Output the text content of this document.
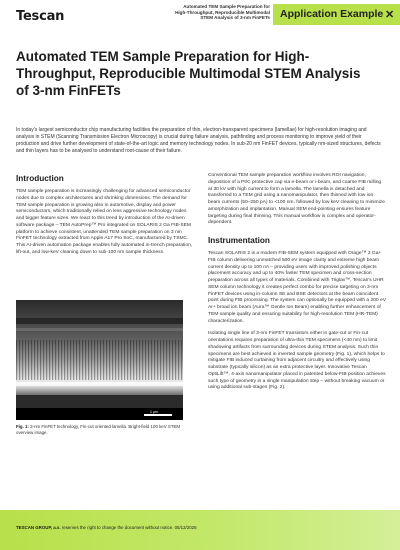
Tescan
Automated TEM Sample Preparation for
High-Throughput, Reproducible Multimodal
STEM Analysis of 3-nm FinFETs Application Example ✕
Automated TEM Sample Preparation for High-Throughput, Reproducible Multimodal STEM Analysis of 3-nm FinFETs

In today's largest semiconductor chip manufacturing facilities the preparation of thin, electron-transparent specimens (lamellae) for high-resolution imaging and analysis in STEM (Scanning Transmission Electron Microscopy) is crucial during failure analysis, pathfinding and process monitoring to improve yield of their production and drive further development of state-of-the-art logic and memory technology nodes. In sub-20 nm FinFET devices, typically nm-sized structures, defects and thin layers has to be analysed to understand root-cause of their failure.

Introduction

TEM sample preparation is increasingly challenging for advanced semiconductor nodes due to complex architectures and shrinking dimensions. The demand for TEM sample preparation is growing also in automotive, display and power semiconductors, which traditionally relied on less aggressive technology nodes and bigger feature sizes. We react to this trend by introduction of the AI-driven software package – TEM AutoPrep™ Pro integrated on SOLARIS 2 Ga FIB-SEM platform to achieve consistent, unattended TEM sample preparation on 3 nm FinFET technology extracted from Apple A17 Pro SoC, manufactured by TSMC. This AI-driven automation package enables fully automated in-trench preparation, lift-out, and low-keV cleaning down to sub-100 nm sample thickness.

1 µm

Fig. 1: 3-nm FinFET technology, Fin-cut oriented lamella. Bright-field 100 keV STEM overview image.

Conventional TEM sample preparation workflow involves ROI navigation, deposition of a Pt/C protective cap via e-beam or i-beam, and coarse FIB milling at 30 kV with high current to form a lamella. The lamella is detached and transferred to a TEM grid using a nanomanipulator, then thinned with low ion beam currents (50–250 pA) to <100 nm, followed by low keV cleaning to minimize amorphization and implantation. Manual SEM end-pointing ensures feature targeting during final thinning. This manual workflow is complex and operator-dependent.

Instrumentation

Tescan SOLARIS 2 is a modern FIB-SEM system equipped with Orage™ 2 Ga+ FIB column delivering unmatched 500 eV image clarity and extreme high beam current density up to 100 nA – providing users with improved polishing objects placement accuracy and up to 40% faster TEM specimen and cross-section preparation across all types of materials. Combined with Triglav™, Tescan's UHR SEM column technology it creates perfect combo for precise targeting on 3-nm FinFET devices using in-column SE and BSE detectors at the beam coincident point during FIB processing. The system can optionally be equipped with a 200 eV Ar+ broad ion beam (Aura™ Gentle Ion Beam) enabling further enhancement of TEM sample quality and ensuring suitability for high-resolution TEM (HR-TEM) characterization.

Isolating single line of 3-nm FinFET transistors either in gate-cut or Fin-cut orientations requires preparation of ultra-thin TEM specimens (<40 nm) to limit shadowing artifacts from surrounding devices during STEM analysis. Such thin specimens are best achieved in inverted sample geometry (Fig. 1), which helps to mitigate FIB induced curtaining from adjacent circuitry and effectively using substrate (typically silicon) as an extra protective layer. Innovative Tescan OptiLift™, 4-axis nanomanipulator placed in patented below-FIB position achieves such type of geometry in a single manipulation step – without breaking vacuum or using additional sub-stages (Fig. 2).

TESCAN GROUP, a.s. reserves the right to change the document without notice. 05/12/2025
